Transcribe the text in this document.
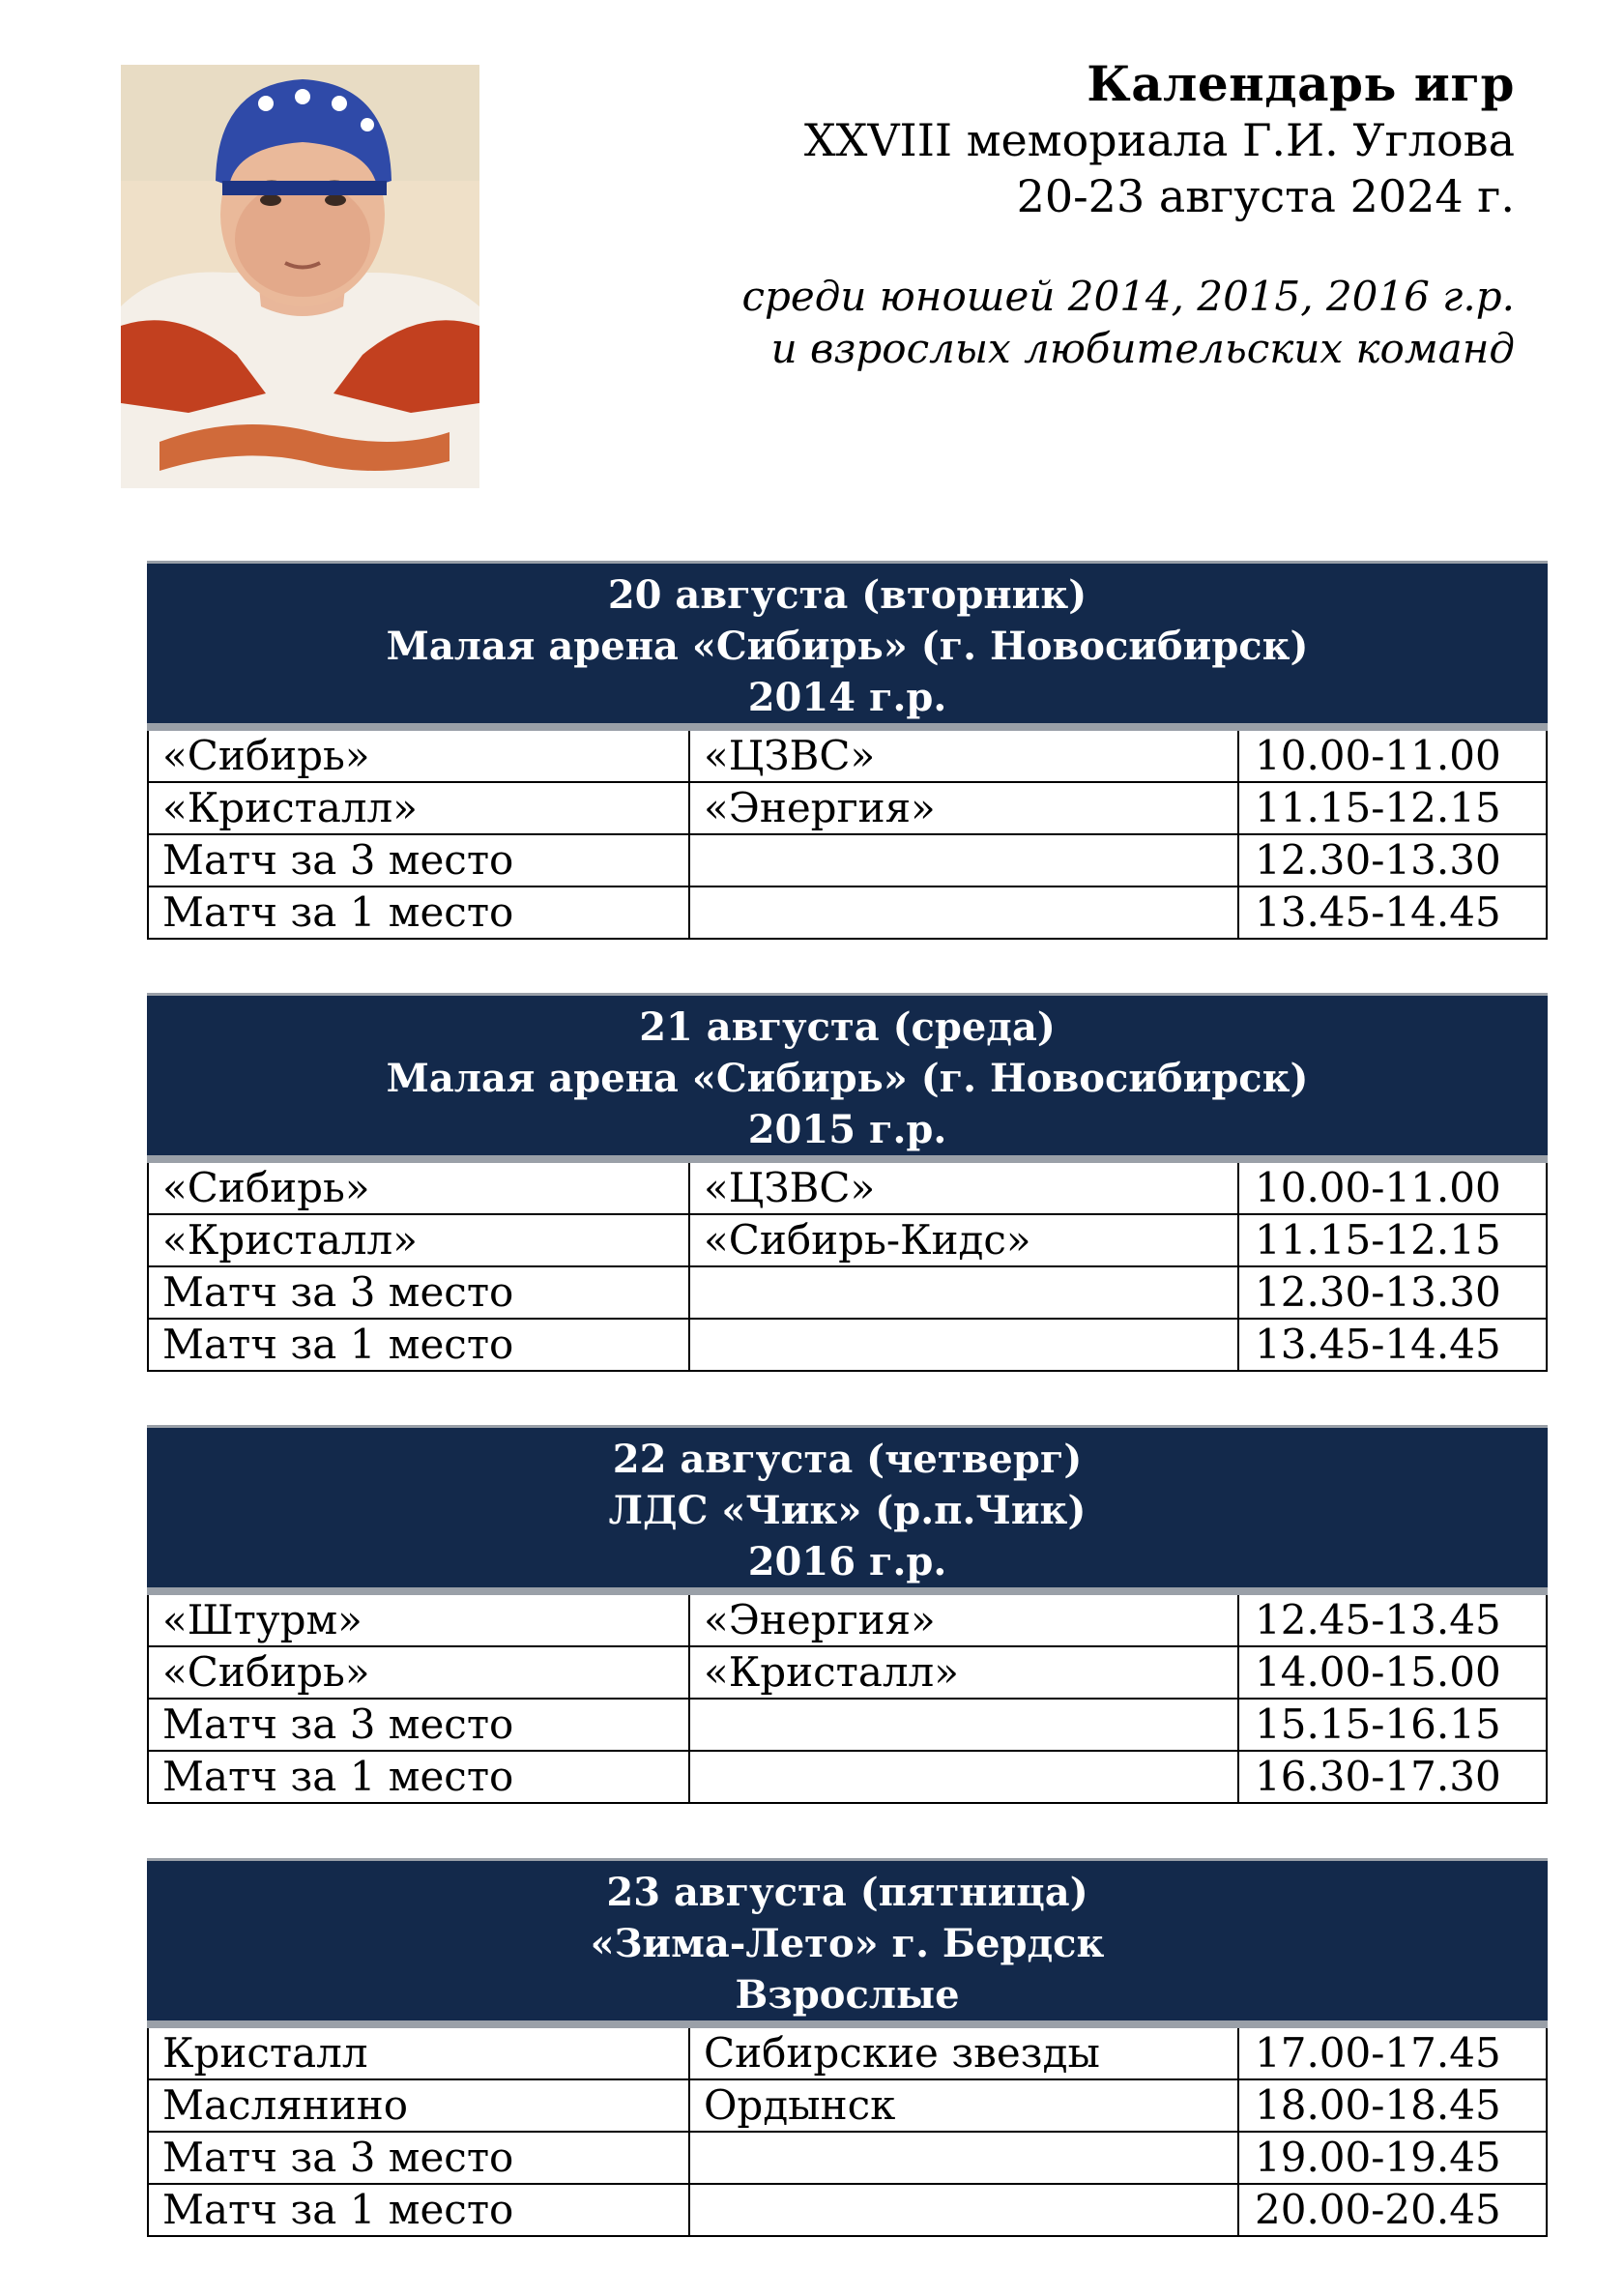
Календарь игр
XXVIII мемориала Г.И. Углова
20-23 августа 2024 г.
среди юношей 2014, 2015, 2016 г.р.
и взрослых любительских команд
20 августа (вторник)
Малая арена «Сибирь» (г. Новосибирск)
2014 г.р.		

«Сибирь»	«ЦЗВС»	10.00-11.00
«Кристалл»	«Энергия»	11.15-12.15
Матч за 3 место		12.30-13.30
Матч за 1 место		13.45-14.45
21 августа (среда)
Малая арена «Сибирь» (г. Новосибирск)
2015 г.р.		

«Сибирь»	«ЦЗВС»	10.00-11.00
«Кристалл»	«Сибирь-Кидс»	11.15-12.15
Матч за 3 место		12.30-13.30
Матч за 1 место		13.45-14.45
22 августа (четверг)
ЛДС «Чик» (р.п.Чик)
2016 г.р.		

«Штурм»	«Энергия»	12.45-13.45
«Сибирь»	«Кристалл»	14.00-15.00
Матч за 3 место		15.15-16.15
Матч за 1 место		16.30-17.30
23 августа (пятница)
«Зима-Лето» г. Бердск
Взрослые		

Кристалл	Сибирские звезды	17.00-17.45
Маслянино	Ордынск	18.00-18.45
Матч за 3 место		19.00-19.45
Матч за 1 место		20.00-20.45
